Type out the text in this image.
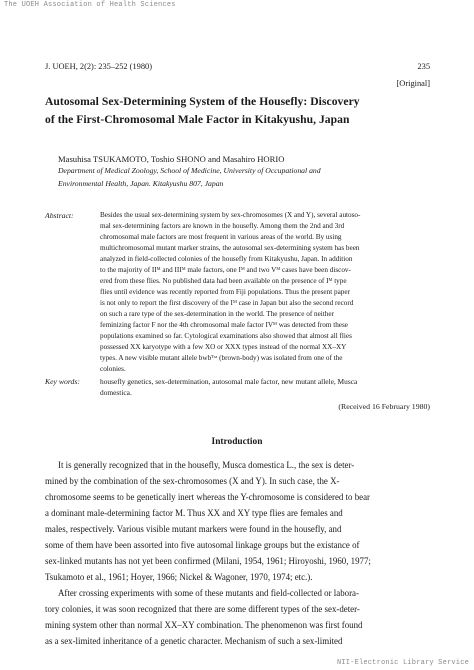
The UOEH Association of Health Sciences
J. UOEH, 2(2): 235–252 (1980)	235
[Original]
Autosomal Sex-Determining System of the Housefly: Discovery
of the First-Chromosomal Male Factor in Kitakyushu, Japan
Masuhisa TSUKAMOTO, Toshio SHONO and Masahiro HORIO
Department of Medical Zoology, School of Medicine, University of Occupational and
Environmental Health, Japan. Kitakyushu 807, Japan
Abstract:	Besides the usual sex-determining system by sex-chromosomes (X and Y), several autoso-
mal sex-determining factors are known in the housefly. Among them the 2nd and 3rd
chromosomal male factors are most frequent in various areas of the world. By using
multichromosomal mutant marker strains, the autosomal sex-determining system has been
analyzed in field-collected colonies of the housefly from Kitakyushu, Japan. In addition
to the majority of IIᴹ and IIIᴹ male factors, one Iᴹ and two Vᴹ cases have been discov-
ered from these flies. No published data had been available on the presence of Iᴹ type
flies until evidence was recently reported from Fiji populations. Thus the present paper
is not only to report the first discovery of the Iᴹ case in Japan but also the second record
on such a rare type of the sex-determination in the world. The presence of neither
feminizing factor F nor the 4th chromosomal male factor IVᴹ was detected from these
populations examined so far. Cytological examinations also showed that almost all flies
possessed XX karyotype with a few XO or XXX types instead of the normal XX–XY
types. A new visible mutant allele bwbᵀˢᵃ (brown-body) was isolated from one of the
colonies.
Key words:	housefly genetics, sex-determination, autosomal male factor, new mutant allele, Musca
domestica.
(Received 16 February 1980)
Introduction
It is generally recognized that in the housefly, Musca domestica L., the sex is deter-
mined by the combination of the sex-chromosomes (X and Y). In such case, the X-
chromosome seems to be genetically inert whereas the Y-chromosome is considered to bear
a dominant male-determining factor M. Thus XX and XY type flies are females and
males, respectively. Various visible mutant markers were found in the housefly, and
some of them have been assorted into five autosomal linkage groups but the existance of
sex-linked mutants has not yet been confirmed (Milani, 1954, 1961; Hiroyoshi, 1960, 1977;
Tsukamoto et al., 1961; Hoyer, 1966; Nickel & Wagoner, 1970, 1974; etc.).
After crossing experiments with some of these mutants and field-collected or labora-
tory colonies, it was soon recognized that there are some different types of the sex-deter-
mining system other than normal XX–XY combination. The phenomenon was first found
as a sex-limited inheritance of a genetic character. Mechanism of such a sex-limited
NII-Electronic Library Service
